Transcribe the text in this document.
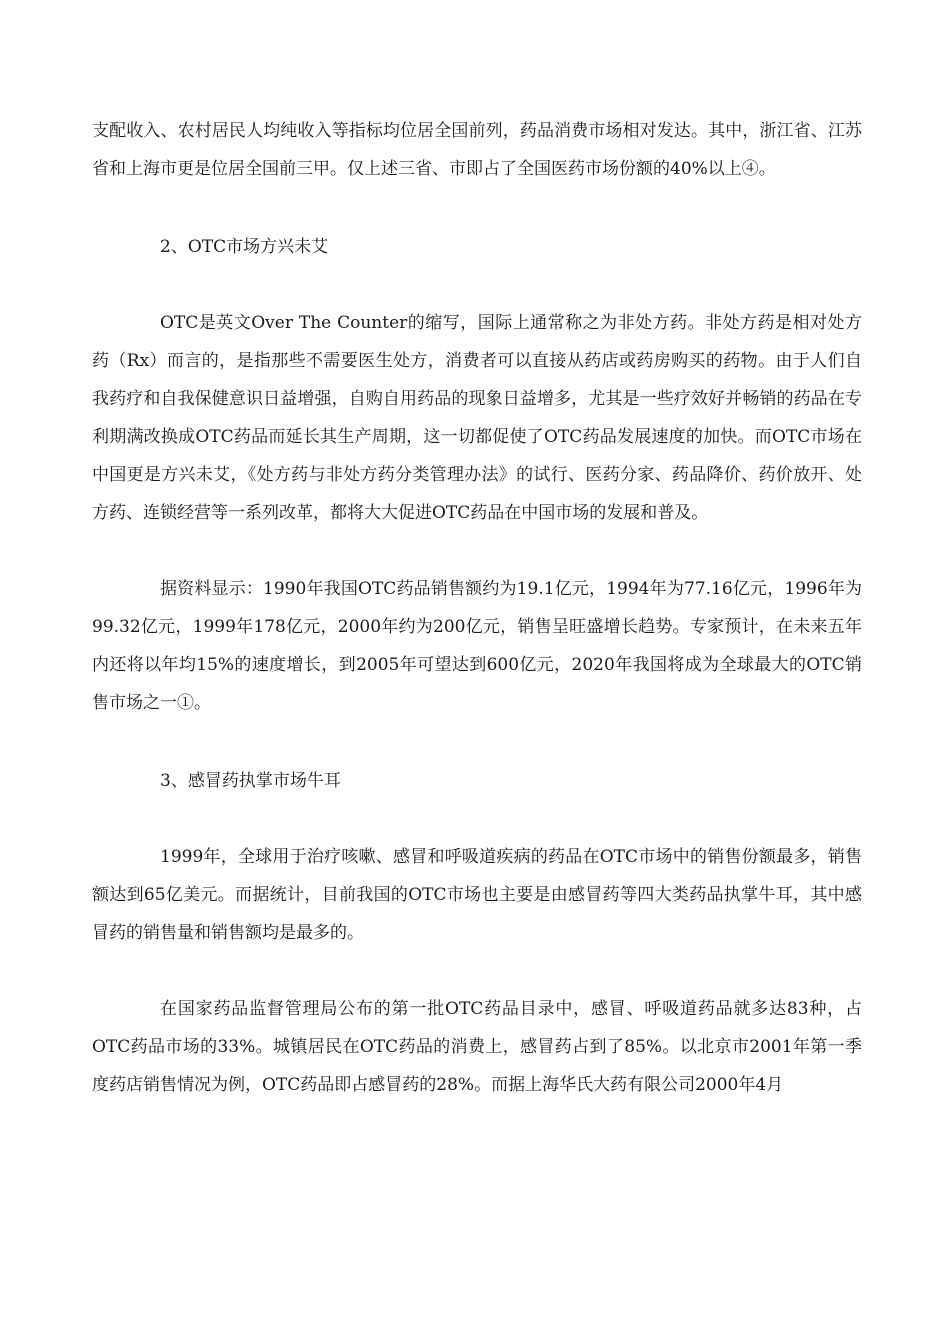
支配收入、农村居民人均纯收入等指标均位居全国前列，药品消费市场相对发达。其中，浙江省、江苏省和上海市更是位居全国前三甲。仅上述三省、市即占了全国医药市场份额的40%以上④。

2、OTC市场方兴未艾

OTC是英文Over The Counter的缩写，国际上通常称之为非处方药。非处方药是相对处方药（Rx）而言的，是指那些不需要医生处方，消费者可以直接从药店或药房购买的药物。由于人们自我药疗和自我保健意识日益增强，自购自用药品的现象日益增多，尤其是一些疗效好并畅销的药品在专利期满改换成OTC药品而延长其生产周期，这一切都促使了OTC药品发展速度的加快。而OTC市场在中国更是方兴未艾，《处方药与非处方药分类管理办法》的试行、医药分家、药品降价、药价放开、处方药、连锁经营等一系列改革，都将大大促进OTC药品在中国市场的发展和普及。

据资料显示：1990年我国OTC药品销售额约为19.1亿元，1994年为77.16亿元，1996年为99.32亿元，1999年178亿元，2000年约为200亿元，销售呈旺盛增长趋势。专家预计，在未来五年内还将以年均15%的速度增长，到2005年可望达到600亿元，2020年我国将成为全球最大的OTC销售市场之一①。

3、感冒药执掌市场牛耳

1999年，全球用于治疗咳嗽、感冒和呼吸道疾病的药品在OTC市场中的销售份额最多，销售额达到65亿美元。而据统计，目前我国的OTC市场也主要是由感冒药等四大类药品执掌牛耳，其中感冒药的销售量和销售额均是最多的。

在国家药品监督管理局公布的第一批OTC药品目录中，感冒、呼吸道药品就多达83种，占OTC药品市场的33%。城镇居民在OTC药品的消费上，感冒药占到了85%。以北京市2001年第一季度药店销售情况为例，OTC药品即占感冒药的28%。而据上海华氏大药有限公司2000年4月
